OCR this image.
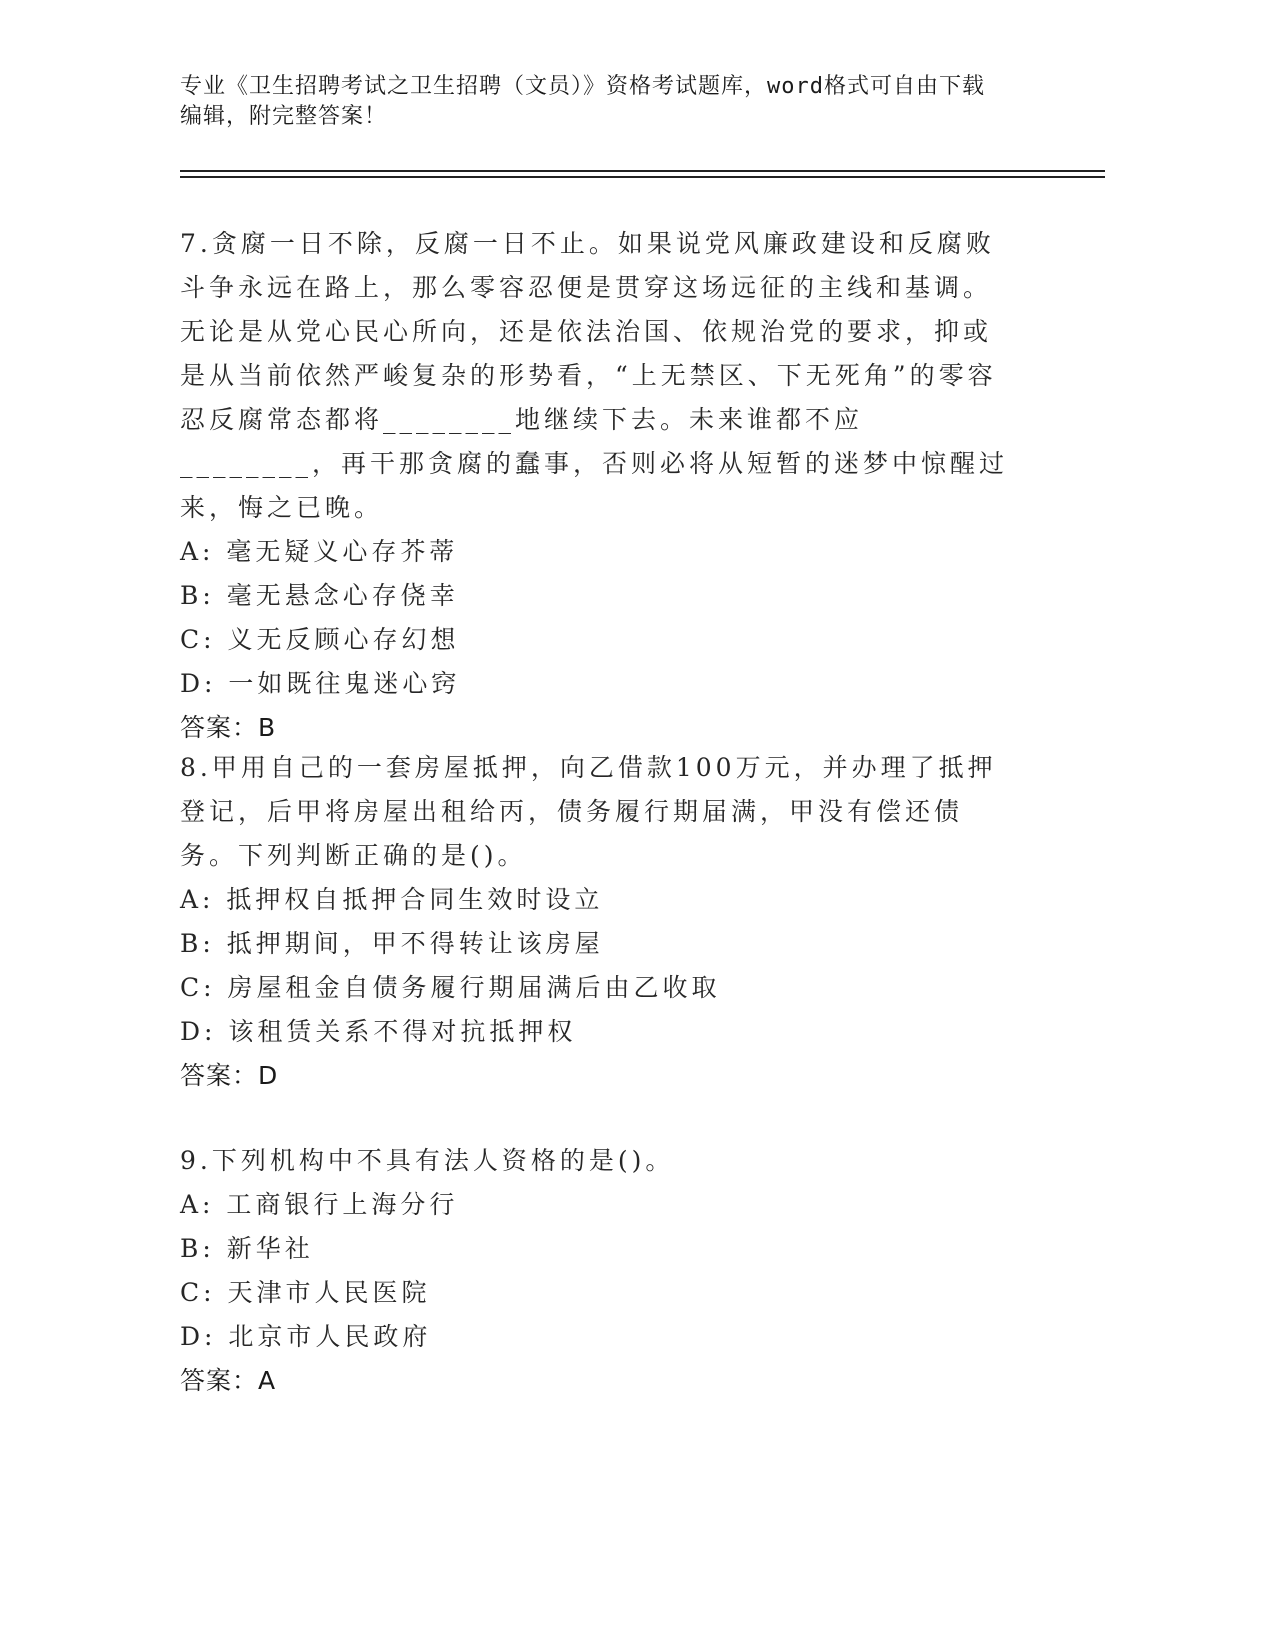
专业《卫生招聘考试之卫生招聘（文员）》资格考试题库，word格式可自由下载
编辑，附完整答案！

7.贪腐一日不除，反腐一日不止。如果说党风廉政建设和反腐败斗争永远在路上，那么零容忍便是贯穿这场远征的主线和基调。无论是从党心民心所向，还是依法治国、依规治党的要求，抑或是从当前依然严峻复杂的形势看，“上无禁区、下无死角”的零容忍反腐常态都将________地继续下去。未来谁都不应________，再干那贪腐的蠢事，否则必将从短暂的迷梦中惊醒过来，悔之已晚。

A: 毫无疑义心存芥蒂

B: 毫无悬念心存侥幸

C: 义无反顾心存幻想

D: 一如既往鬼迷心窍

答案：B

8.甲用自己的一套房屋抵押，向乙借款100万元，并办理了抵押登记，后甲将房屋出租给丙，债务履行期届满，甲没有偿还债务。下列判断正确的是()。

A: 抵押权自抵押合同生效时设立

B: 抵押期间，甲不得转让该房屋

C: 房屋租金自债务履行期届满后由乙收取

D: 该租赁关系不得对抗抵押权

答案：D

9.下列机构中不具有法人资格的是()。

A: 工商银行上海分行

B: 新华社

C: 天津市人民医院

D: 北京市人民政府

答案：A
